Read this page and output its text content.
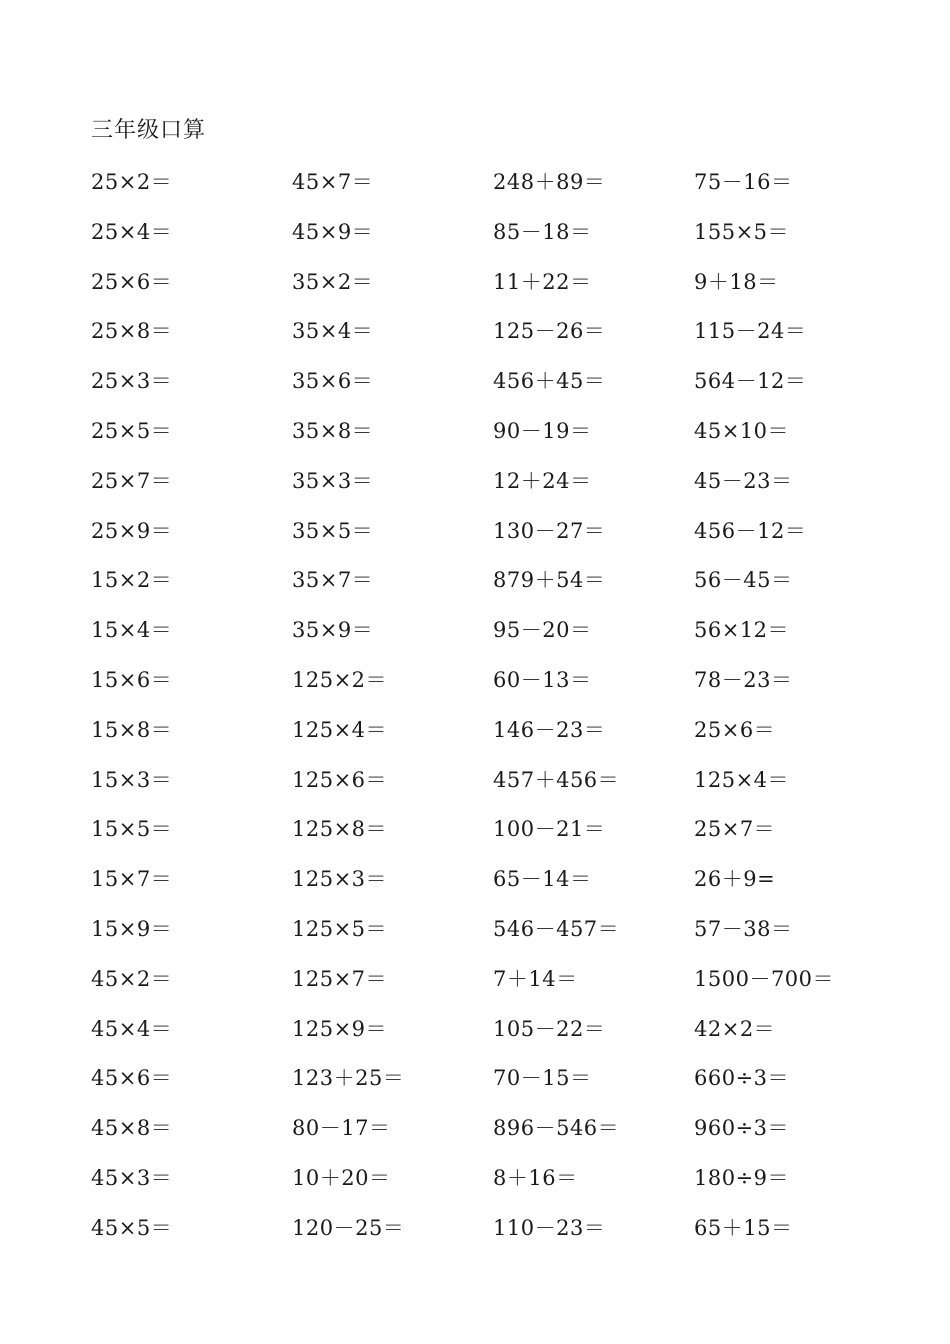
三年级口算
25×2＝	45×7＝	248＋89＝	75－16＝
25×4＝	45×9＝	85－18＝	155×5＝
25×6＝	35×2＝	11＋22＝	9＋18＝
25×8＝	35×4＝	125－26＝	115－24＝
25×3＝	35×6＝	456＋45＝	564－12＝
25×5＝	35×8＝	90－19＝	45×10＝
25×7＝	35×3＝	12＋24＝	45－23＝
25×9＝	35×5＝	130－27＝	456－12＝
15×2＝	35×7＝	879＋54＝	56－45＝
15×4＝	35×9＝	95－20＝	56×12＝
15×6＝	125×2＝	60－13＝	78－23＝
15×8＝	125×4＝	146－23＝	25×6＝
15×3＝	125×6＝	457＋456＝	125×4＝
15×5＝	125×8＝	100－21＝	25×7＝
15×7＝	125×3＝	65－14＝	26＋9=
15×9＝	125×5＝	546－457＝	57－38＝
45×2＝	125×7＝	7＋14＝	1500－700＝
45×4＝	125×9＝	105－22＝	42×2＝
45×6＝	123＋25＝	70－15＝	660÷3＝
45×8＝	80－17＝	896－546＝	960÷3＝
45×3＝	10＋20＝	8＋16＝	180÷9＝
45×5＝	120－25＝	110－23＝	65＋15＝
